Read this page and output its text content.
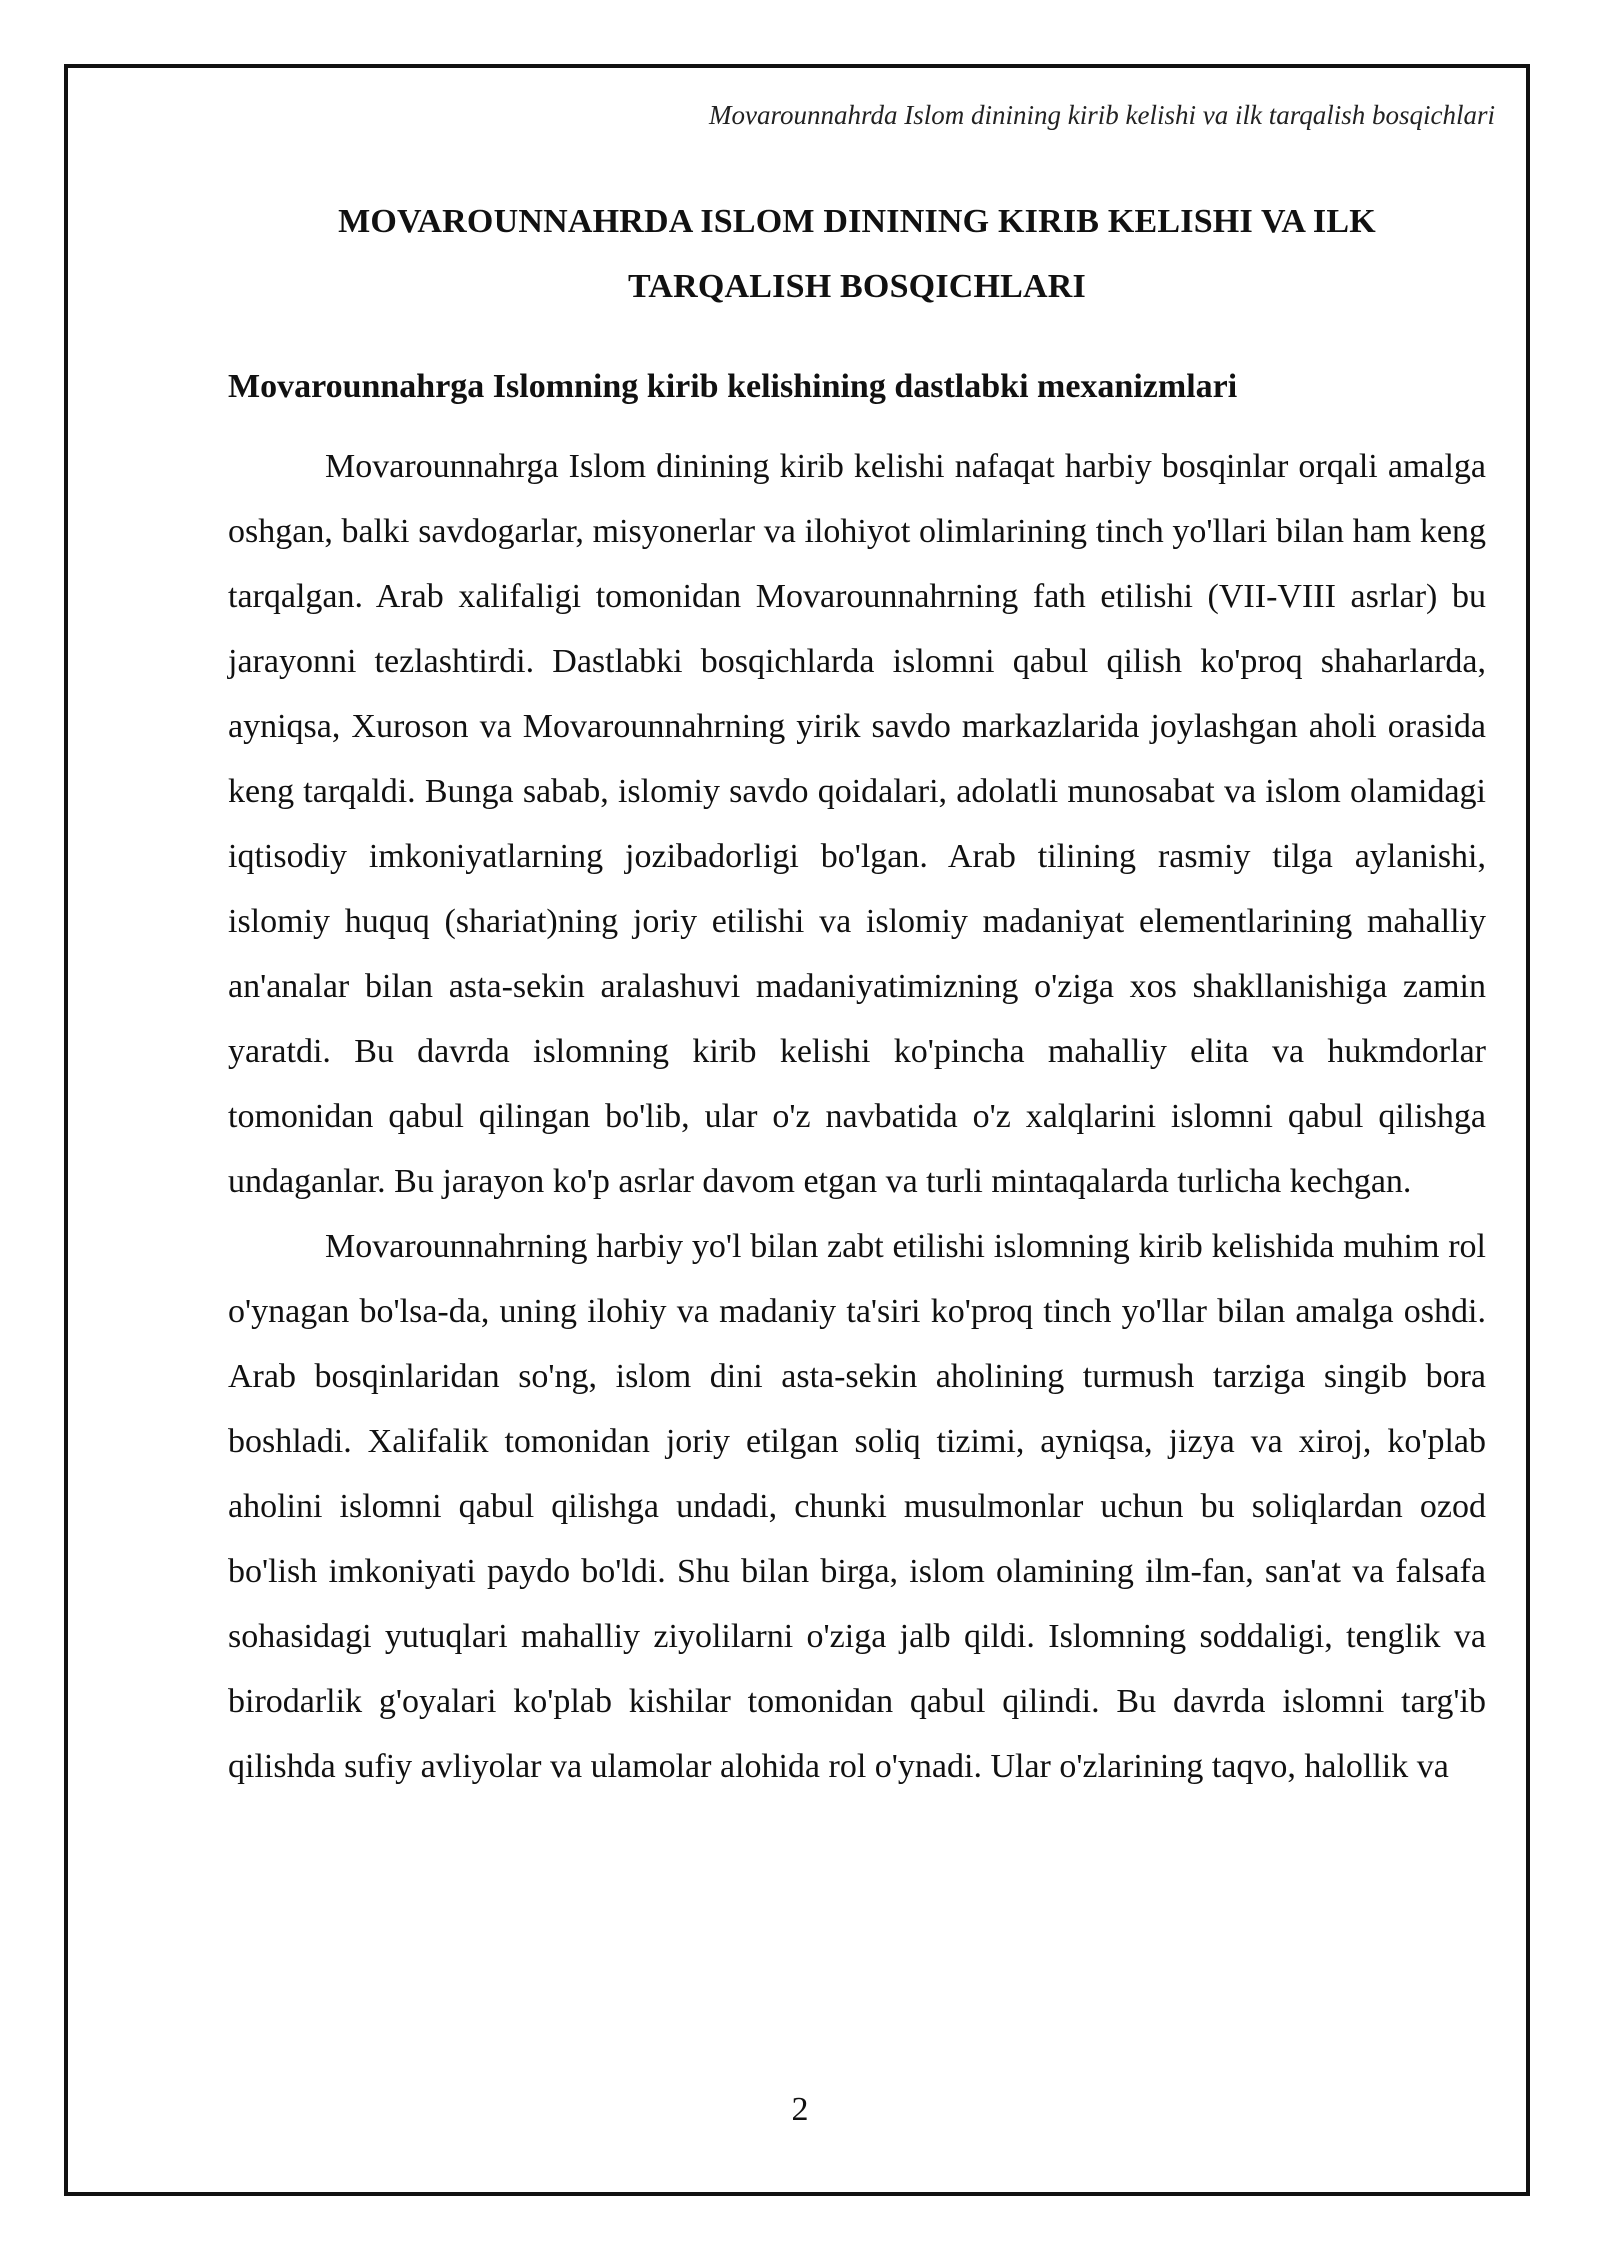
Movarounnahrda Islom dinining kirib kelishi va ilk tarqalish bosqichlari
MOVAROUNNAHRDA ISLOM DININING KIRIB KELISHI VA ILK
TARQALISH BOSQICHLARI
Movarounnahrga Islomning kirib kelishining dastlabki mexanizmlari

Movarounnahrga Islom dinining kirib kelishi nafaqat harbiy bosqinlar orqali amalga oshgan, balki savdogarlar, misyonerlar va ilohiyot olimlarining tinch yo'llari bilan ham keng tarqalgan. Arab xalifaligi tomonidan Movarounnahrning fath etilishi (VII-VIII asrlar) bu jarayonni tezlashtirdi. Dastlabki bosqichlarda islomni qabul qilish ko'proq shaharlarda, ayniqsa, Xuroson va Movarounnahrning yirik savdo markazlarida joylashgan aholi orasida keng tarqaldi. Bunga sabab, islomiy savdo qoidalari, adolatli munosabat va islom olamidagi iqtisodiy imkoniyatlarning jozibadorligi bo'lgan. Arab tilining rasmiy tilga aylanishi, islomiy huquq (shariat)ning joriy etilishi va islomiy madaniyat elementlarining mahalliy an'analar bilan asta-sekin aralashuvi madaniyatimizning o'ziga xos shakllanishiga zamin yaratdi. Bu davrda islomning kirib kelishi ko'pincha mahalliy elita va hukmdorlar tomonidan qabul qilingan bo'lib, ular o'z navbatida o'z xalqlarini islomni qabul qilishga undaganlar. Bu jarayon ko'p asrlar davom etgan va turli mintaqalarda turlicha kechgan.

Movarounnahrning harbiy yo'l bilan zabt etilishi islomning kirib kelishida muhim rol o'ynagan bo'lsa-da, uning ilohiy va madaniy ta'siri ko'proq tinch yo'llar bilan amalga oshdi. Arab bosqinlaridan so'ng, islom dini asta-sekin aholining turmush tarziga singib bora boshladi. Xalifalik tomonidan joriy etilgan soliq tizimi, ayniqsa, jizya va xiroj, ko'plab aholini islomni qabul qilishga undadi, chunki musulmonlar uchun bu soliqlardan ozod bo'lish imkoniyati paydo bo'ldi. Shu bilan birga, islom olamining ilm-fan, san'at va falsafa sohasidagi yutuqlari mahalliy ziyolilarni o'ziga jalb qildi. Islomning soddaligi, tenglik va birodarlik g'oyalari ko'plab kishilar tomonidan qabul qilindi. Bu davrda islomni targ'ib qilishda sufiy avliyolar va ulamolar alohida rol o'ynadi. Ular o'zlarining taqvo, halollik va

2
